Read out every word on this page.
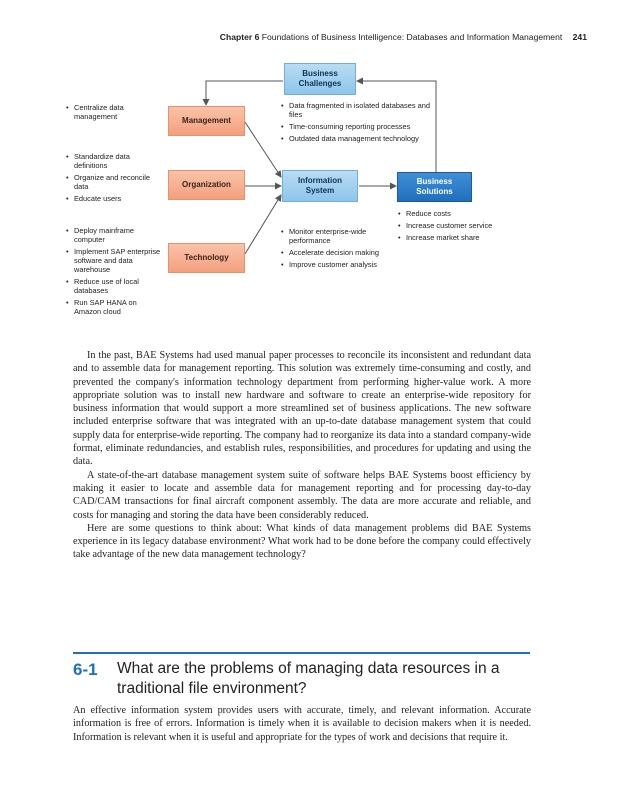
Chapter 6 Foundations of Business Intelligence: Databases and Information Management 241
Business Challenges
Management
Organization
Technology
Information System
Business Solutions
• Centralize data management
• Standardize data definitions
• Organize and reconcile data
• Educate users
• Deploy mainframe computer
• Implement SAP enterprise software and data warehouse
• Reduce use of local databases
• Run SAP HANA on Amazon cloud
• Data fragmented in isolated databases and files
• Time-consuming reporting processes
• Outdated data management technology
• Monitor enterprise-wide performance
• Accelerate decision making
• Improve customer analysis
• Reduce costs
• Increase customer service
• Increase market share

In the past, BAE Systems had used manual paper processes to reconcile its inconsistent and redundant data and to assemble data for management reporting. This solution was extremely time-consuming and costly, and prevented the company's information technology department from performing higher-value work. A more appropriate solution was to install new hardware and software to create an enterprise-wide repository for business information that would support a more streamlined set of business applications. The new software included enterprise software that was integrated with an up-to-date database management system that could supply data for enterprise-wide reporting. The company had to reorganize its data into a standard company-wide format, eliminate redundancies, and establish rules, responsibilities, and procedures for updating and using the data.

A state-of-the-art database management system suite of software helps BAE Systems boost efficiency by making it easier to locate and assemble data for management reporting and for processing day-to-day CAD/CAM transactions for final aircraft component assembly. The data are more accurate and reliable, and costs for managing and storing the data have been considerably reduced.

Here are some questions to think about: What kinds of data management problems did BAE Systems experience in its legacy database environment? What work had to be done before the company could effectively take advantage of the new data management technology?

6-1 What are the problems of managing data resources in a traditional file environment?

An effective information system provides users with accurate, timely, and relevant information. Accurate information is free of errors. Information is timely when it is available to decision makers when it is needed. Information is relevant when it is useful and appropriate for the types of work and decisions that require it.
